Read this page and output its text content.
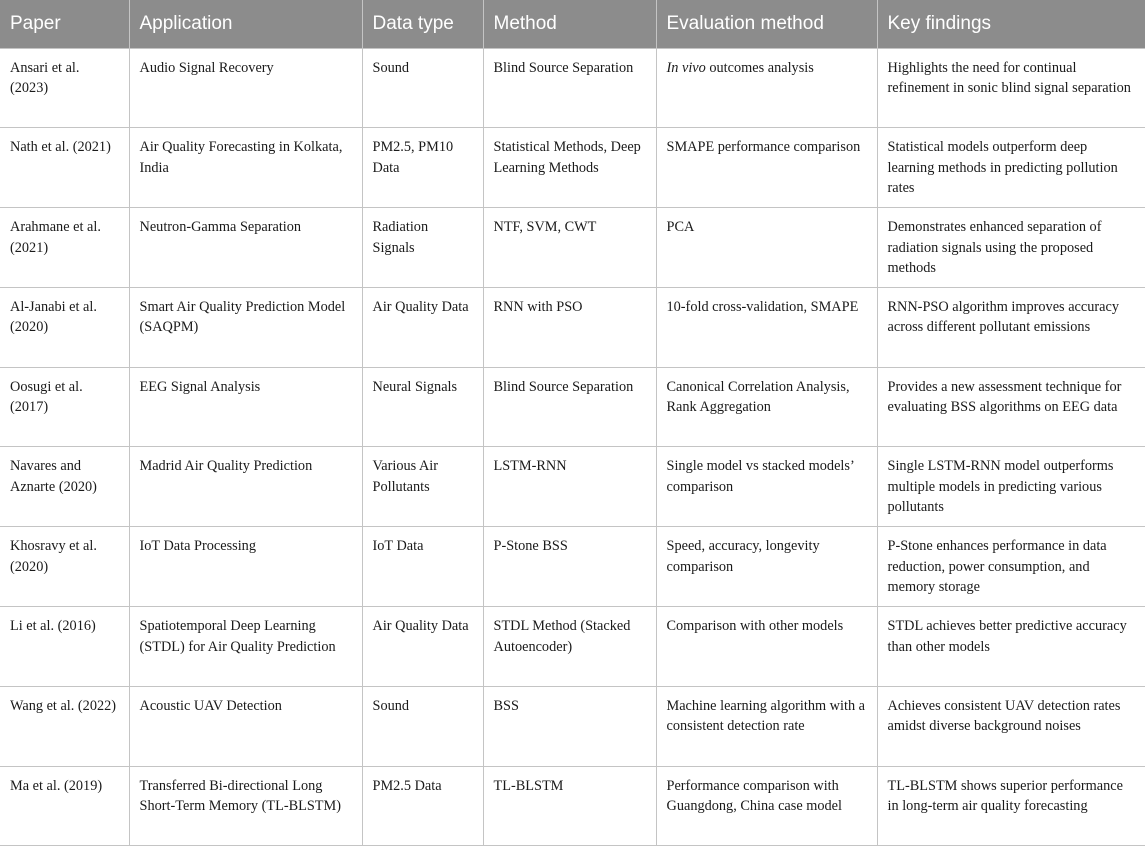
Paper	Application	Data type	Method	Evaluation method	Key findings
Ansari et al. (2023)	Audio Signal Recovery	Sound	Blind Source Separation	In vivo outcomes analysis	Highlights the need for continual refinement in sonic blind signal separation
Nath et al. (2021)	Air Quality Forecasting in Kolkata, India	PM2.5, PM10 Data	Statistical Methods, Deep Learning Methods	SMAPE performance comparison	Statistical models outperform deep learning methods in predicting pollution rates
Arahmane et al. (2021)	Neutron-Gamma Separation	Radiation Signals	NTF, SVM, CWT	PCA	Demonstrates enhanced separation of radiation signals using the proposed methods
Al-Janabi et al. (2020)	Smart Air Quality Prediction Model (SAQPM)	Air Quality Data	RNN with PSO	10-fold cross-validation, SMAPE	RNN-PSO algorithm improves accuracy across different pollutant emissions
Oosugi et al. (2017)	EEG Signal Analysis	Neural Signals	Blind Source Separation	Canonical Correlation Analysis, Rank Aggregation	Provides a new assessment technique for evaluating BSS algorithms on EEG data
Navares and Aznarte (2020)	Madrid Air Quality Prediction	Various Air Pollutants	LSTM-RNN	Single model vs stacked models’ comparison	Single LSTM-RNN model outperforms multiple models in predicting various pollutants
Khosravy et al. (2020)	IoT Data Processing	IoT Data	P-Stone BSS	Speed, accuracy, longevity comparison	P-Stone enhances performance in data reduction, power consumption, and memory storage
Li et al. (2016)	Spatiotemporal Deep Learning (STDL) for Air Quality Prediction	Air Quality Data	STDL Method (Stacked Autoencoder)	Comparison with other models	STDL achieves better predictive accuracy than other models
Wang et al. (2022)	Acoustic UAV Detection	Sound	BSS	Machine learning algorithm with a consistent detection rate	Achieves consistent UAV detection rates amidst diverse background noises
Ma et al. (2019)	Transferred Bi-directional Long Short-Term Memory (TL-BLSTM)	PM2.5 Data	TL-BLSTM	Performance comparison with Guangdong, China case model	TL-BLSTM shows superior performance in long-term air quality forecasting
